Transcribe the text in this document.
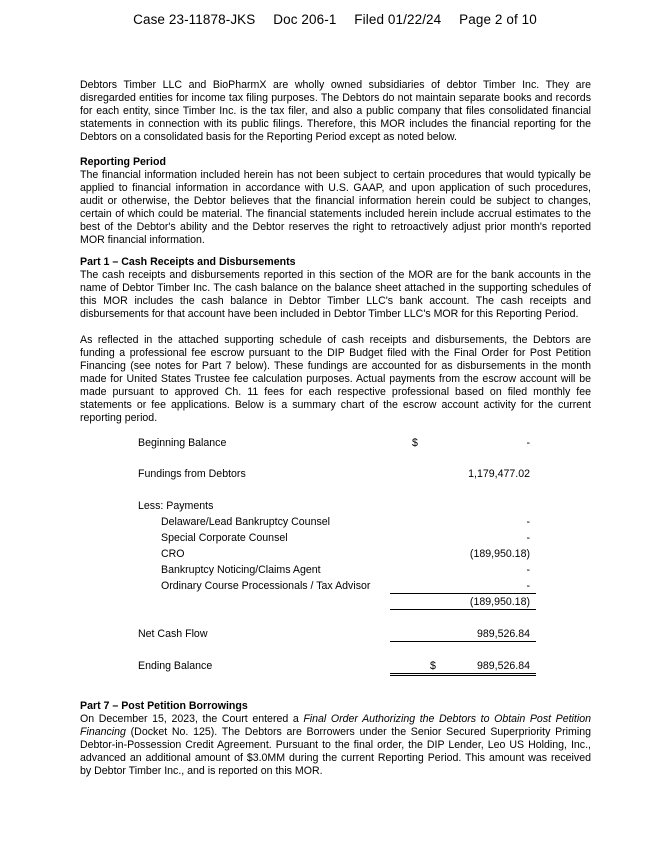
Case 23-11878-JKS Doc 206-1 Filed 01/22/24 Page 2 of 10

Debtors Timber LLC and BioPharmX are wholly owned subsidiaries of debtor Timber Inc. They are disregarded entities for income tax filing purposes. The Debtors do not maintain separate books and records for each entity, since Timber Inc. is the tax filer, and also a public company that files consolidated financial statements in connection with its public filings. Therefore, this MOR includes the financial reporting for the Debtors on a consolidated basis for the Reporting Period except as noted below.

Reporting Period

The financial information included herein has not been subject to certain procedures that would typically be applied to financial information in accordance with U.S. GAAP, and upon application of such procedures, audit or otherwise, the Debtor believes that the financial information herein could be subject to changes, certain of which could be material. The financial statements included herein include accrual estimates to the best of the Debtor's ability and the Debtor reserves the right to retroactively adjust prior month's reported MOR financial information.

Part 1 – Cash Receipts and Disbursements

The cash receipts and disbursements reported in this section of the MOR are for the bank accounts in the name of Debtor Timber Inc. The cash balance on the balance sheet attached in the supporting schedules of this MOR includes the cash balance in Debtor Timber LLC's bank account. The cash receipts and disbursements for that account have been included in Debtor Timber LLC's MOR for this Reporting Period.

As reflected in the attached supporting schedule of cash receipts and disbursements, the Debtors are funding a professional fee escrow pursuant to the DIP Budget filed with the Final Order for Post Petition Financing (see notes for Part 7 below). These fundings are accounted for as disbursements in the month made for United States Trustee fee calculation purposes. Actual payments from the escrow account will be made pursuant to approved Ch. 11 fees for each respective professional based on filed monthly fee statements or fee applications. Below is a summary chart of the escrow account activity for the current reporting period.

Beginning Balance	$	-
Fundings from Debtors	1,179,477.02
Less: Payments
Delaware/Lead Bankruptcy Counsel	-
Special Corporate Counsel	-
CRO	(189,950.18)
Bankruptcy Noticing/Claims Agent	-
Ordinary Course Processionals / Tax Advisor	-
(189,950.18)
Net Cash Flow	989,526.84
Ending Balance	$	989,526.84

Part 7 – Post Petition Borrowings

On December 15, 2023, the Court entered a Final Order Authorizing the Debtors to Obtain Post Petition Financing (Docket No. 125). The Debtors are Borrowers under the Senior Secured Superpriority Priming Debtor-in-Possession Credit Agreement. Pursuant to the final order, the DIP Lender, Leo US Holding, Inc., advanced an additional amount of $3.0MM during the current Reporting Period. This amount was received by Debtor Timber Inc., and is reported on this MOR.
